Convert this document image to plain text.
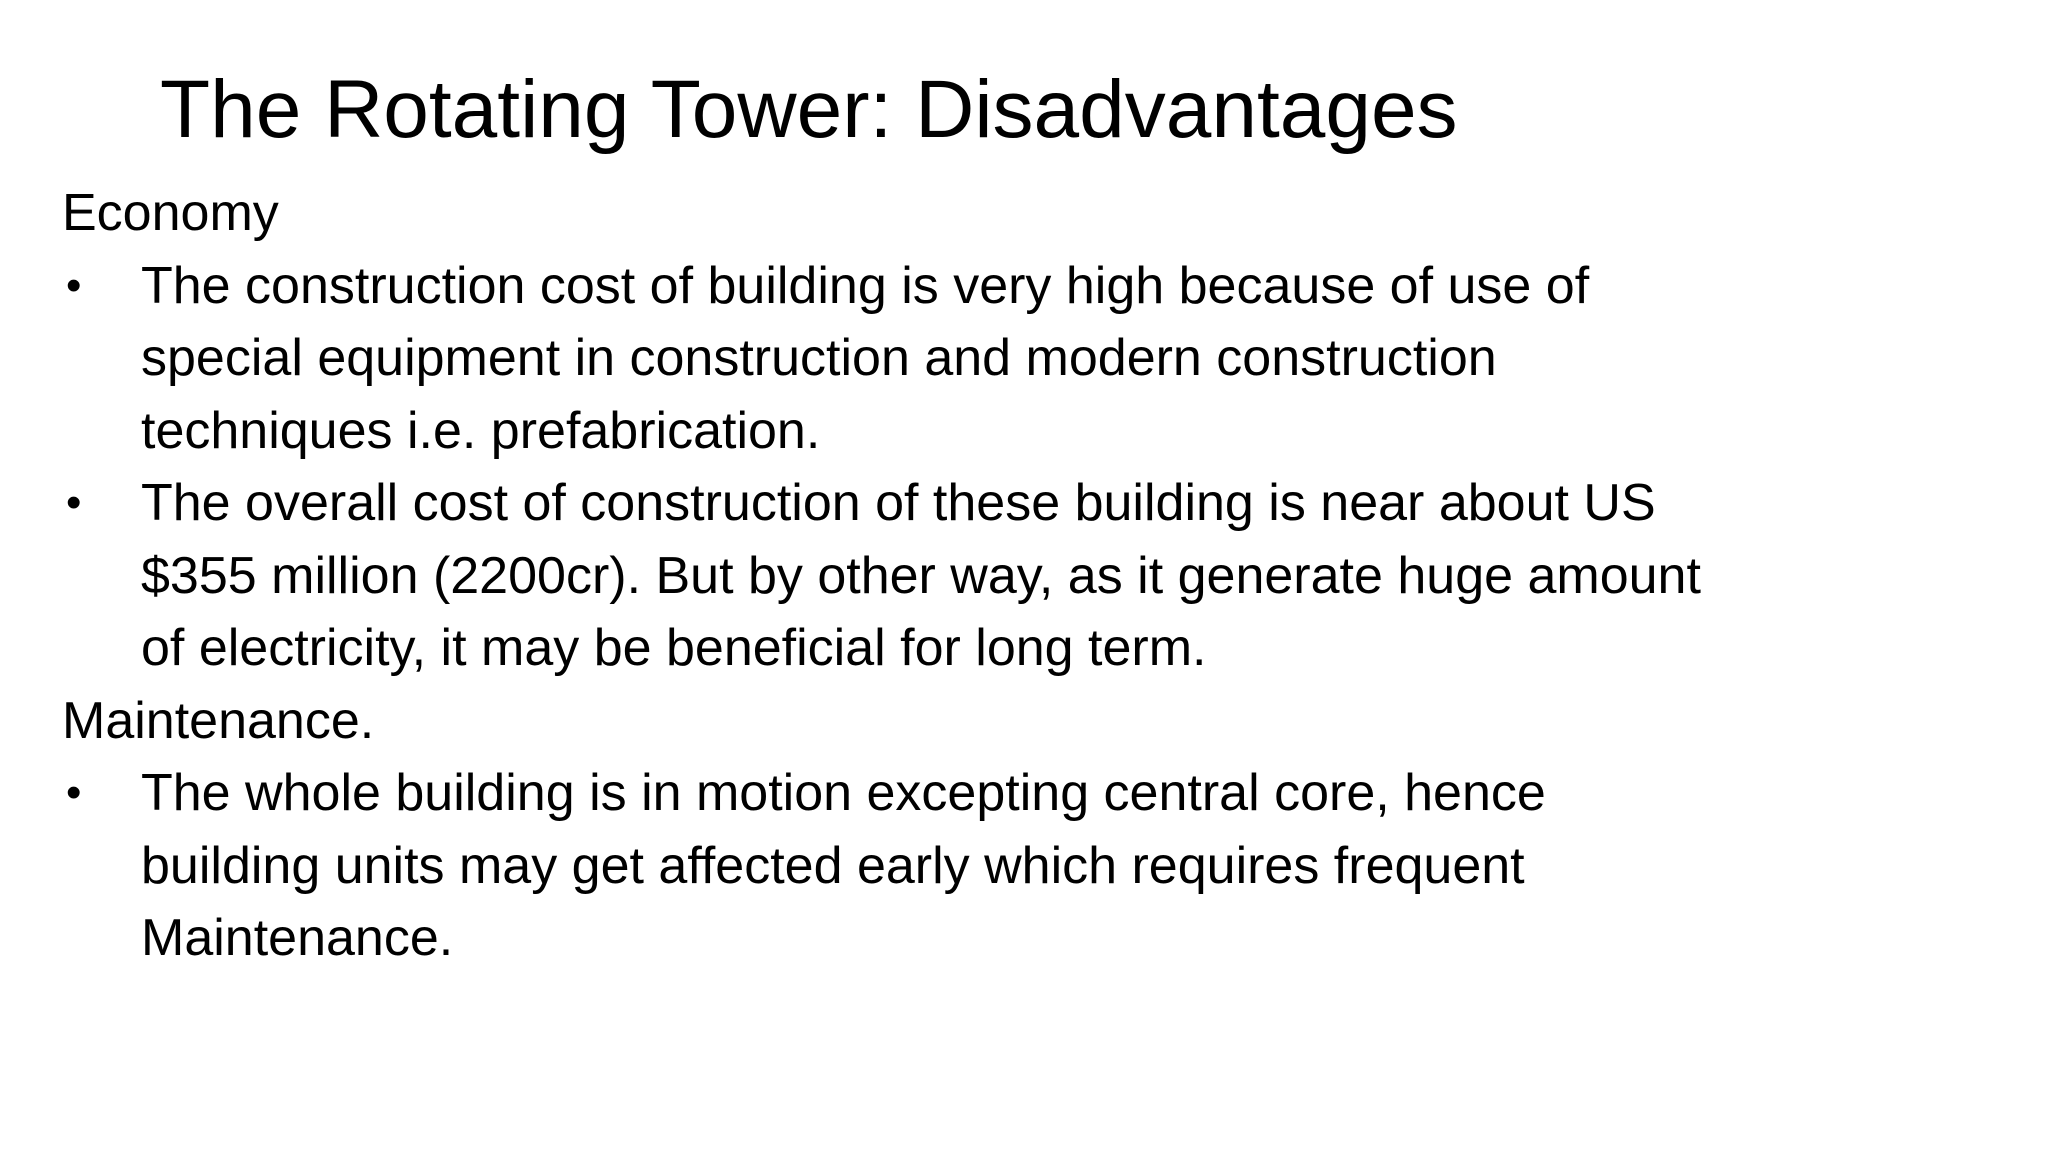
The Rotating Tower: Disadvantages
Economy
• The construction cost of building is very high because of use of
special equipment in construction and modern construction
techniques i.e. prefabrication.
• The overall cost of construction of these building is near about US
$355 million (2200cr). But by other way, as it generate huge amount
of electricity, it may be beneficial for long term.
Maintenance.
• The whole building is in motion excepting central core, hence
building units may get affected early which requires frequent
Maintenance.
